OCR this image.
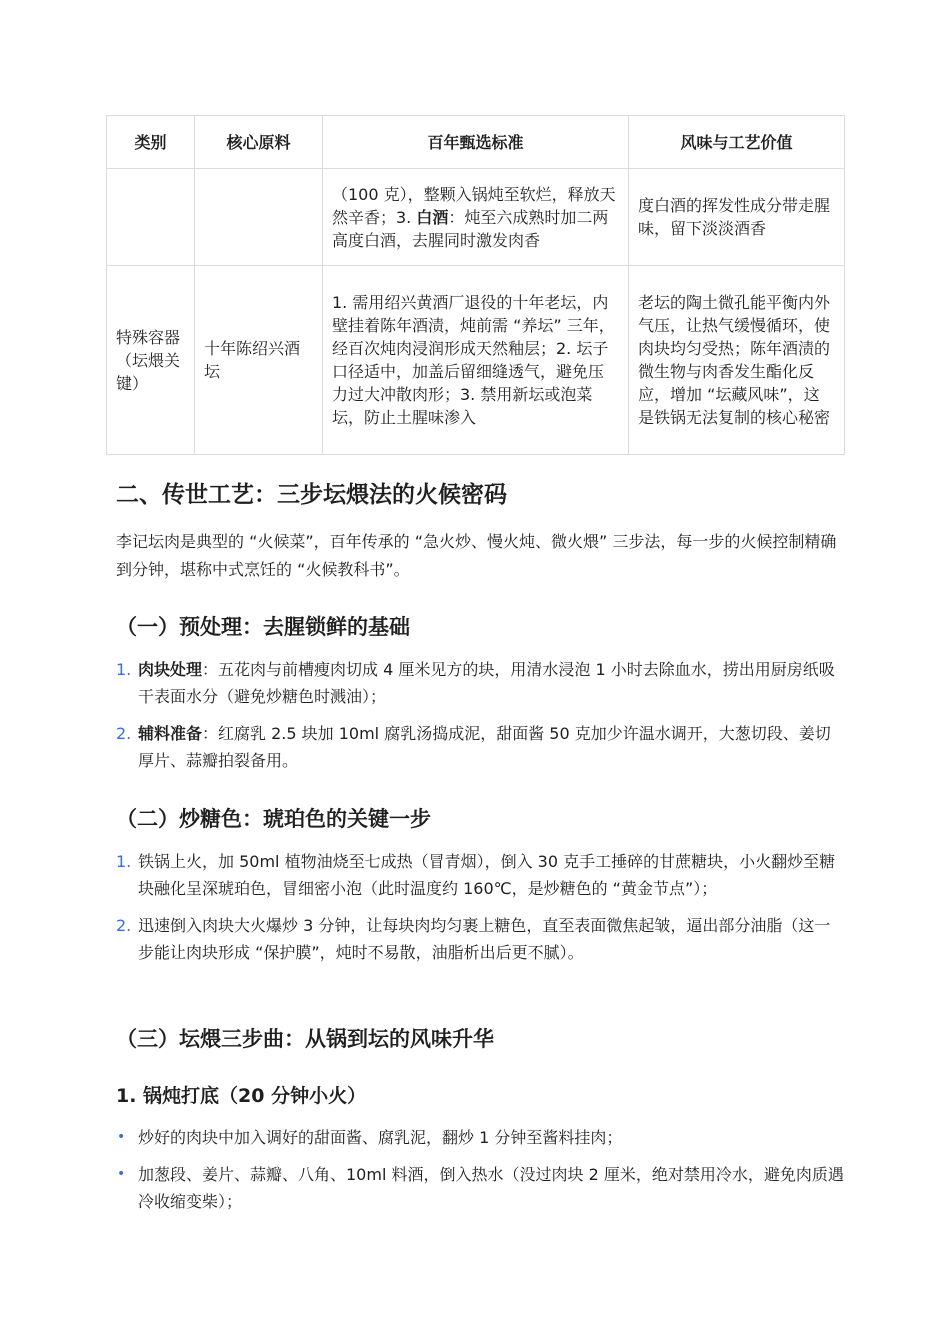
类别	核心原料	百年甄选标准	风味与工艺价值
		（100 克），整颗入锅炖至软烂，释放天然辛香；3. 白酒：炖至六成熟时加二两高度白酒，去腥同时激发肉香	度白酒的挥发性成分带走腥味，留下淡淡酒香
特殊容器（坛煨关键）	十年陈绍兴酒坛	1. 需用绍兴黄酒厂退役的十年老坛，内壁挂着陈年酒渍，炖前需 “养坛” 三年，经百次炖肉浸润形成天然釉层；2. 坛子口径适中，加盖后留细缝透气，避免压力过大冲散肉形；3. 禁用新坛或泡菜坛，防止土腥味渗入	老坛的陶土微孔能平衡内外气压，让热气缓慢循环，使肉块均匀受热；陈年酒渍的微生物与肉香发生酯化反应，增加 “坛藏风味”，这是铁锅无法复制的核心秘密
二、传世工艺：三步坛煨法的火候密码

李记坛肉是典型的 “火候菜”，百年传承的 “急火炒、慢火炖、微火煨” 三步法，每一步的火候控制精确到分钟，堪称中式烹饪的 “火候教科书”。

（一）预处理：去腥锁鲜的基础
1. 肉块处理：五花肉与前槽瘦肉切成 4 厘米见方的块，用清水浸泡 1 小时去除血水，捞出用厨房纸吸干表面水分（避免炒糖色时溅油）；
2. 辅料准备：红腐乳 2.5 块加 10ml 腐乳汤捣成泥，甜面酱 50 克加少许温水调开，大葱切段、姜切厚片、蒜瓣拍裂备用。
（二）炒糖色：琥珀色的关键一步
1. 铁锅上火，加 50ml 植物油烧至七成热（冒青烟），倒入 30 克手工捶碎的甘蔗糖块，小火翻炒至糖块融化呈深琥珀色，冒细密小泡（此时温度约 160℃，是炒糖色的 “黄金节点”）；
2. 迅速倒入肉块大火爆炒 3 分钟，让每块肉均匀裹上糖色，直至表面微焦起皱，逼出部分油脂（这一步能让肉块形成 “保护膜”，炖时不易散，油脂析出后更不腻）。
（三）坛煨三步曲：从锅到坛的风味升华
1. 锅炖打底（20 分钟小火）
• 炒好的肉块中加入调好的甜面酱、腐乳泥，翻炒 1 分钟至酱料挂肉；
• 加葱段、姜片、蒜瓣、八角、10ml 料酒，倒入热水（没过肉块 2 厘米，绝对禁用冷水，避免肉质遇冷收缩变柴）；
